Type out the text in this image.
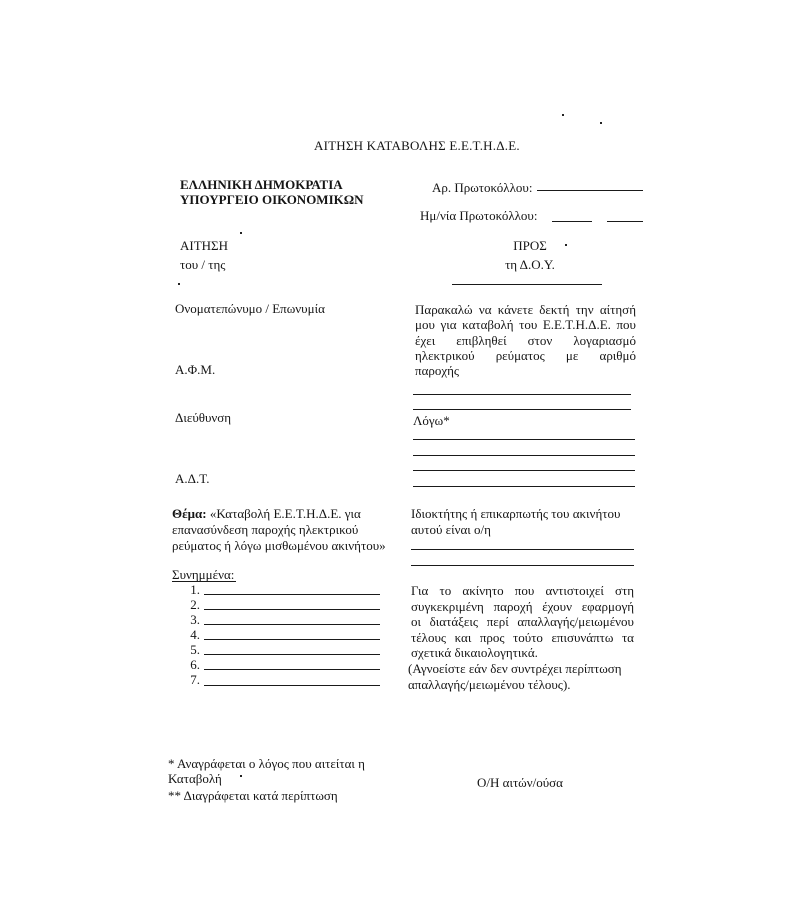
ΑΙΤΗΣΗ ΚΑΤΑΒΟΛΗΣ Ε.Ε.Τ.Η.Δ.Ε.
ΕΛΛΗΝΙΚΗ ΔΗΜΟΚΡΑΤΙΑ
ΥΠΟΥΡΓΕΙΟ ΟΙΚΟΝΟΜΙΚΩΝ
Αρ. Πρωτοκόλλου:
Ημ/νία Πρωτοκόλλου:
ΑΙΤΗΣΗ
του / της
ΠΡΟΣ
τη Δ.Ο.Υ.
Ονοματεπώνυμο / Επωνυμία
Α.Φ.Μ.
Διεύθυνση
Α.Δ.Τ.
Παρακαλώ να κάνετε δεκτή την αίτησή
μου για καταβολή του Ε.Ε.Τ.Η.Δ.Ε. που
έχει επιβληθεί στον λογαριασμό
ηλεκτρικού ρεύματος με αριθμό
παροχής
Λόγω*
Θέμα: «Καταβολή Ε.Ε.Τ.Η.Δ.Ε. για
επανασύνδεση παροχής ηλεκτρικού
ρεύματος ή λόγω μισθωμένου ακινήτου»
Ιδιοκτήτης ή επικαρπωτής του ακινήτου
αυτού είναι ο/η
Συνημμένα:
1.
2.
3.
4.
5.
6.
7.
Για το ακίνητο που αντιστοιχεί στη
συγκεκριμένη παροχή έχουν εφαρμογή
οι διατάξεις περί απαλλαγής/μειωμένου
τέλους και προς τούτο επισυνάπτω τα
σχετικά δικαιολογητικά.
(Αγνοείστε εάν δεν συντρέχει περίπτωση
απαλλαγής/μειωμένου τέλους).
* Αναγράφεται ο λόγος που αιτείται η
Καταβολή
** Διαγράφεται κατά περίπτωση
Ο/Η αιτών/ούσα
